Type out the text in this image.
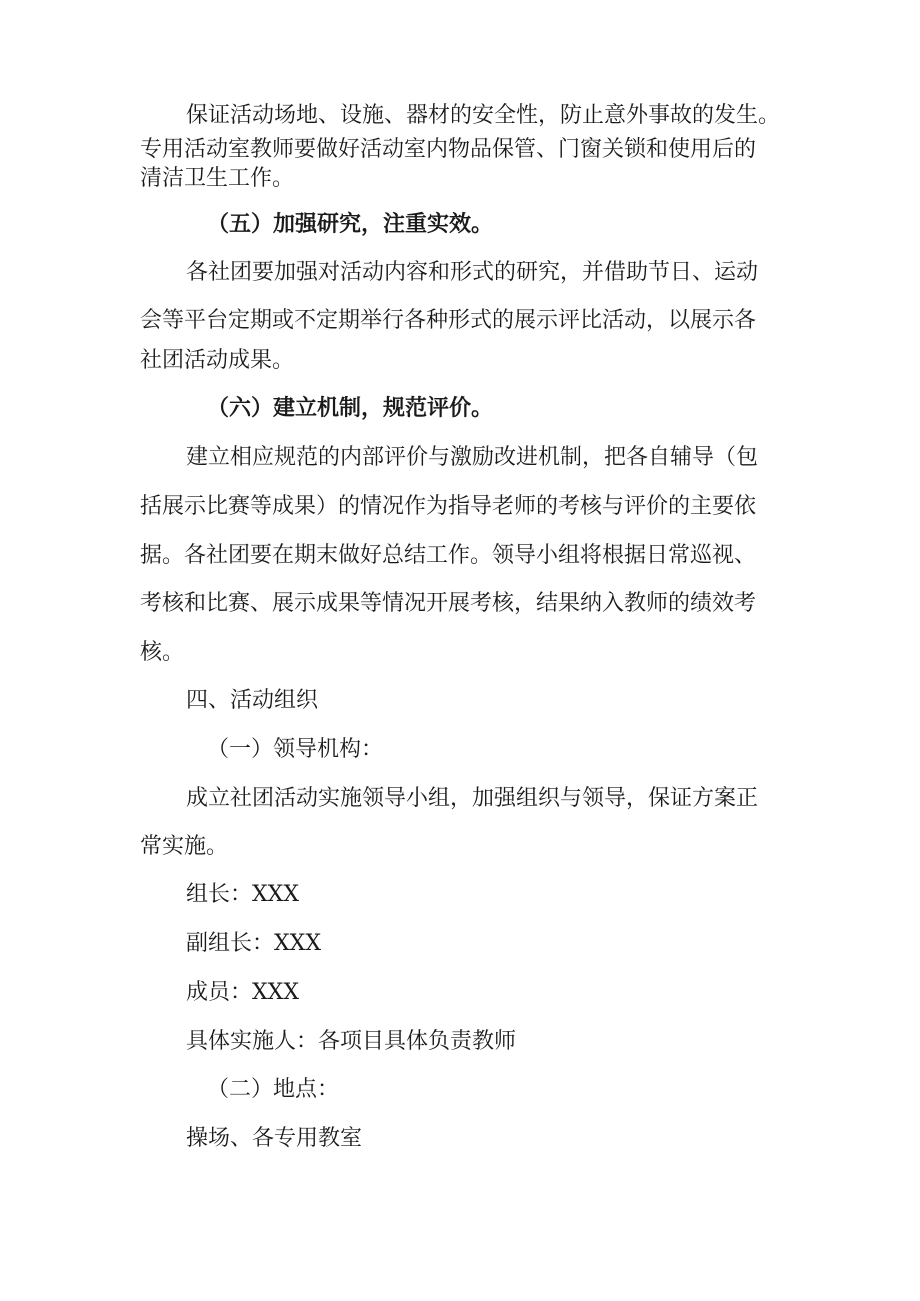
保证活动场地、设施、器材的安全性，防止意外事故的发生。

专用活动室教师要做好活动室内物品保管、门窗关锁和使用后的

清洁卫生工作。

（五）加强研究，注重实效。

各社团要加强对活动内容和形式的研究，并借助节日、运动

会等平台定期或不定期举行各种形式的展示评比活动，以展示各

社团活动成果。

（六）建立机制，规范评价。

建立相应规范的内部评价与激励改进机制，把各自辅导（包

括展示比赛等成果）的情况作为指导老师的考核与评价的主要依

据。各社团要在期末做好总结工作。领导小组将根据日常巡视、

考核和比赛、展示成果等情况开展考核，结果纳入教师的绩效考

核。

四、活动组织

（一）领导机构：

成立社团活动实施领导小组，加强组织与领导，保证方案正

常实施。

组长：XXX

副组长：XXX

成员：XXX

具体实施人：各项目具体负责教师

（二）地点：

操场、各专用教室
